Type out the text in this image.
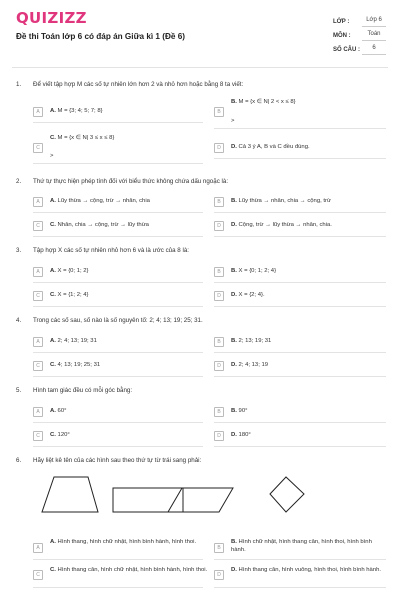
QUIZIZZ
Đề thi Toán lớp 6 có đáp án Giữa kì 1 (Đề 6)
LỚP :	Lớp 6
MÔN :	Toán
SỐ CÂU :	6
1. Để viết tập hợp M các số tự nhiên lớn hơn 2 và nhỏ hơn hoặc bằng 8 ta viết:
A	A. M = {3; 4; 5; 7; 8}	B
B. M = {x ∈ N| 2 < x ≤ 8}
>
C
C. M = {x ∈ N| 3 ≤ x ≤ 8}
>
D	D. Cả 3 ý A, B và C đều đúng.
2. Thứ tự thực hiện phép tính đối với biểu thức không chứa dấu ngoặc là:
A	A. Lũy thừa → cộng, trừ → nhân, chia	B	B. Lũy thừa → nhân, chia → cộng, trừ
C	C. Nhân, chia → cộng, trừ → lũy thừa	D	D. Cộng, trừ → lũy thừa → nhân, chia.
3. Tập hợp X các số tự nhiên nhỏ hơn 6 và là ước của 8 là:
A	A. X = {0; 1; 2}	B	B. X = {0; 1; 2; 4}
C	C. X = {1; 2; 4}	D	D. X = {2; 4}.
4. Trong các số sau, số nào là số nguyên tố: 2; 4; 13; 19; 25; 31.
A	A. 2; 4; 13; 19; 31	B	B. 2; 13; 19; 31
C	C. 4; 13; 19; 25; 31	D	D. 2; 4; 13; 19
5. Hình tam giác đều có mỗi góc bằng:
A	A. 60°	B	B. 90°
C	C. 120°	D	D. 180°
6. Hãy liệt kê tên của các hình sau theo thứ tự từ trái sang phải:
A
A. Hình thang, hình chữ nhật, hình bình hành, hình thoi.
B
B. Hình chữ nhật, hình thang cân, hình thoi, hình bình hành.
C
C. Hình thang cân, hình chữ nhật, hình bình hành, hình thoi.
D
D. Hình thang cân, hình vuông, hình thoi, hình bình hành.
